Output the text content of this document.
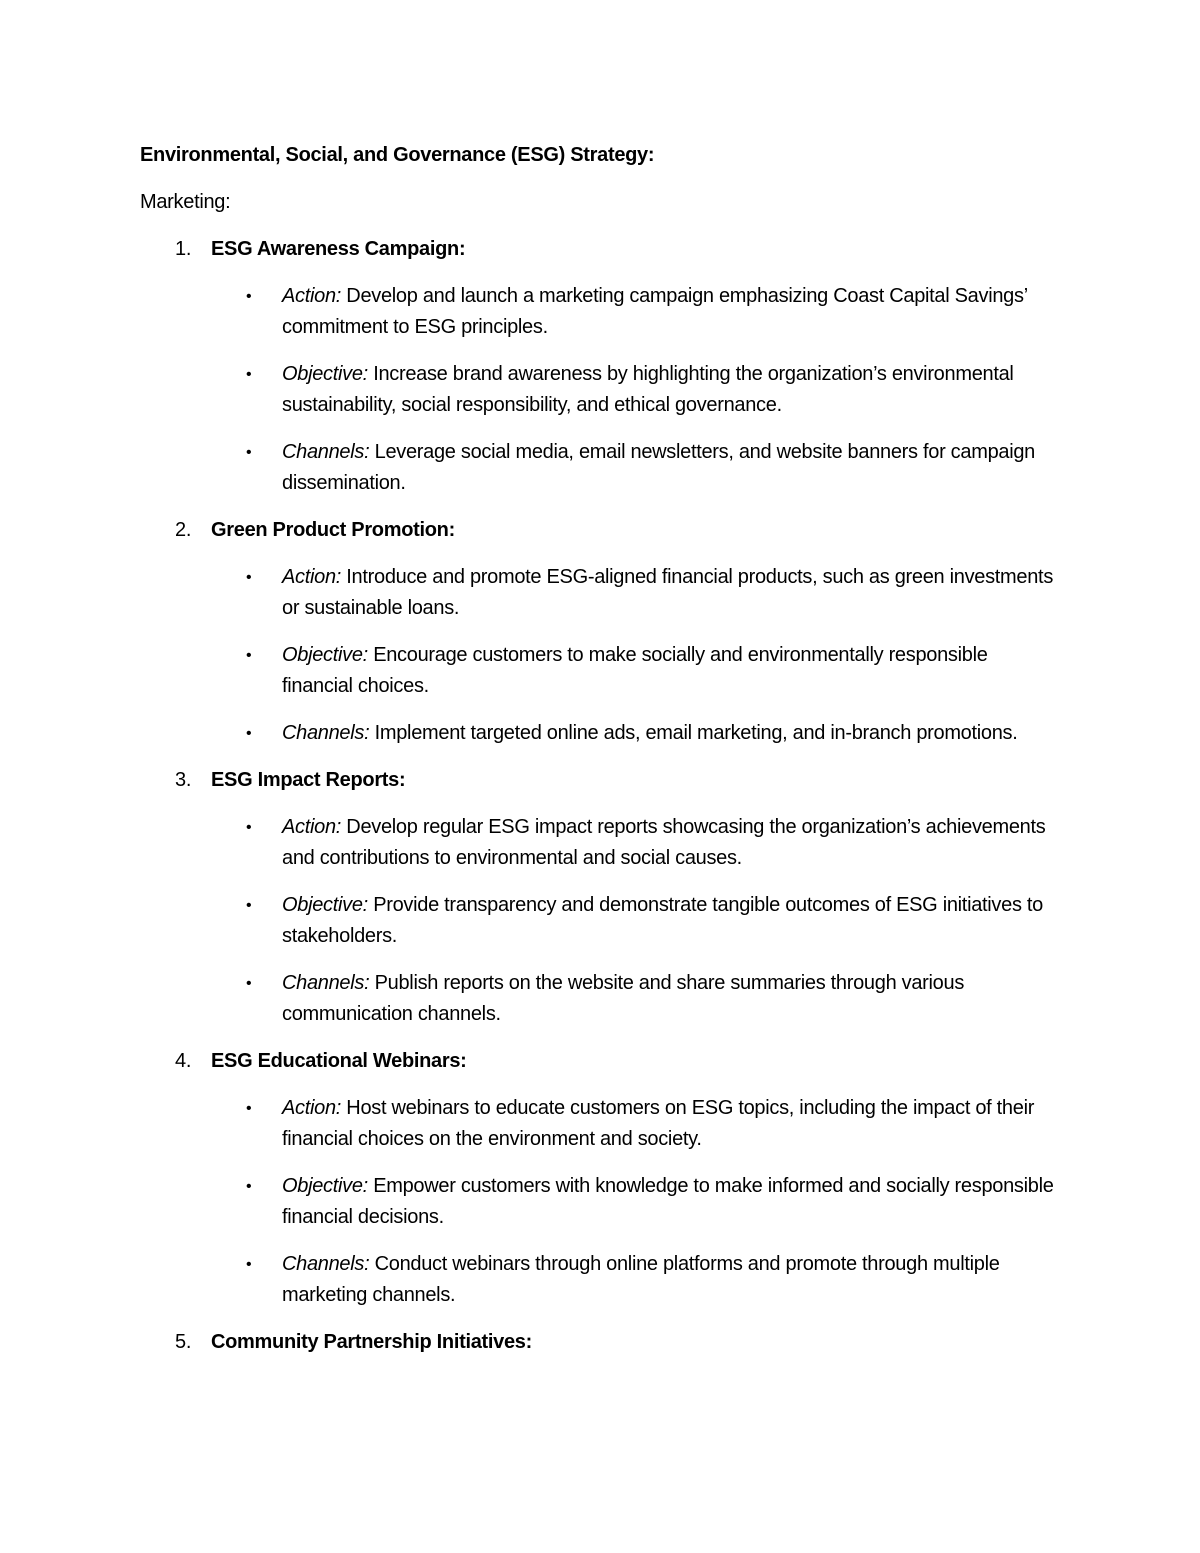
Environmental, Social, and Governance (ESG) Strategy:
Marketing:
1. ESG Awareness Campaign:
• Action: Develop and launch a marketing campaign emphasizing Coast Capital Savings’ commitment to ESG principles.
• Objective: Increase brand awareness by highlighting the organization’s environmental sustainability, social responsibility, and ethical governance.
• Channels: Leverage social media, email newsletters, and website banners for campaign dissemination.
2. Green Product Promotion:
• Action: Introduce and promote ESG-aligned financial products, such as green investments or sustainable loans.
• Objective: Encourage customers to make socially and environmentally responsible financial choices.
• Channels: Implement targeted online ads, email marketing, and in-branch promotions.
3. ESG Impact Reports:
• Action: Develop regular ESG impact reports showcasing the organization’s achievements and contributions to environmental and social causes.
• Objective: Provide transparency and demonstrate tangible outcomes of ESG initiatives to stakeholders.
• Channels: Publish reports on the website and share summaries through various communication channels.
4. ESG Educational Webinars:
• Action: Host webinars to educate customers on ESG topics, including the impact of their financial choices on the environment and society.
• Objective: Empower customers with knowledge to make informed and socially responsible financial decisions.
• Channels: Conduct webinars through online platforms and promote through multiple marketing channels.
5. Community Partnership Initiatives:
